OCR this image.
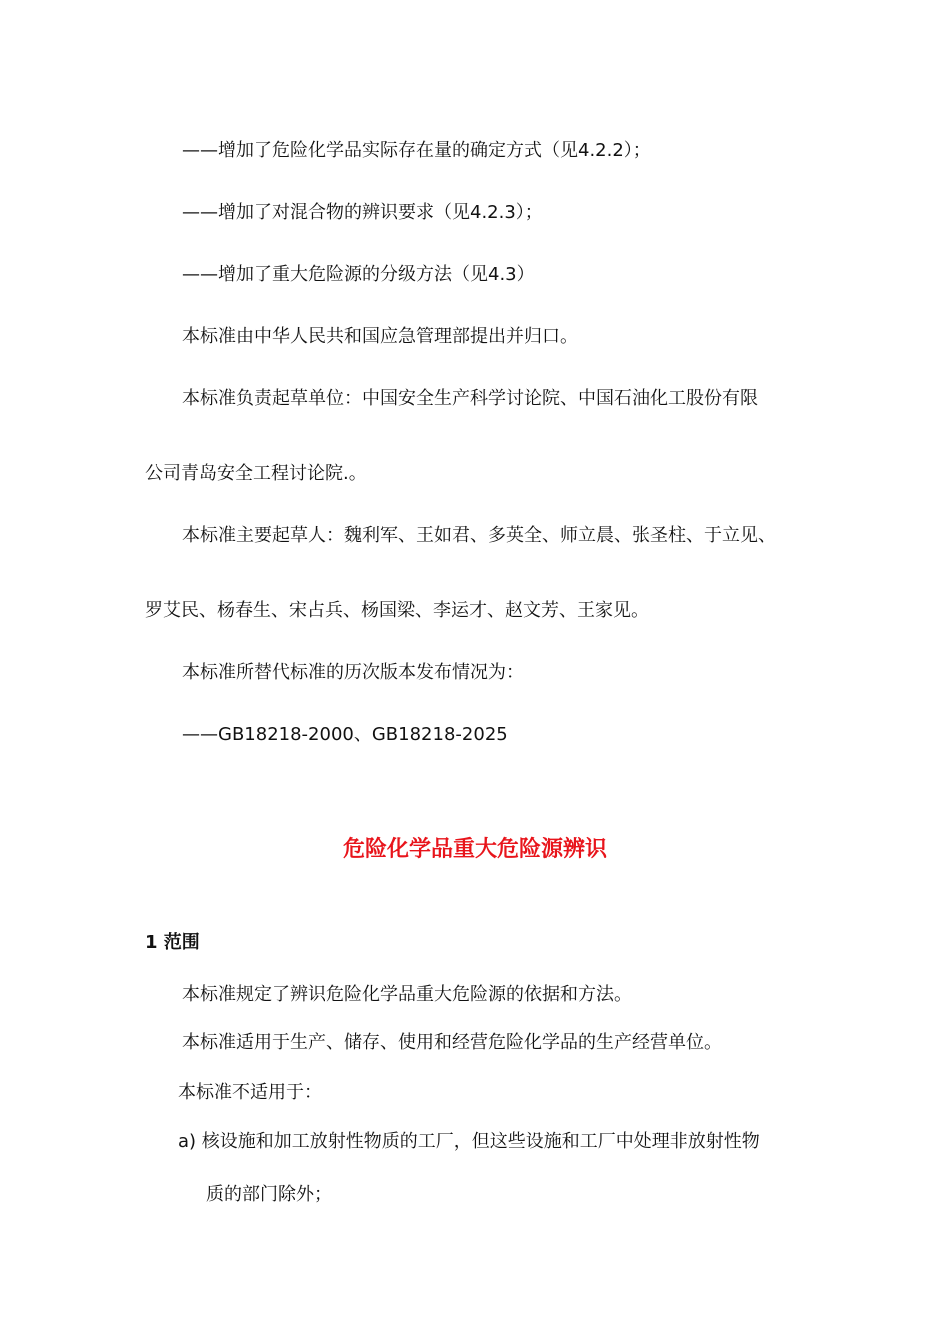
——增加了危险化学品实际存在量的确定方式（见4.2.2）；
——增加了对混合物的辨识要求（见4.2.3）；
——增加了重大危险源的分级方法（见4.3）
本标准由中华人民共和国应急管理部提出并归口。
本标准负责起草单位：中国安全生产科学讨论院、中国石油化工股份有限
公司青岛安全工程讨论院.。
本标准主要起草人：魏利军、王如君、多英全、师立晨、张圣柱、于立见、
罗艾民、杨春生、宋占兵、杨国梁、李运才、赵文芳、王家见。
本标准所替代标准的历次版本发布情况为：
——GB18218-2000、GB18218-2025
危险化学品重大危险源辨识
1 范围
本标准规定了辨识危险化学品重大危险源的依据和方法。
本标准适用于生产、储存、使用和经营危险化学品的生产经营单位。
本标准不适用于：
a) 核设施和加工放射性物质的工厂，但这些设施和工厂中处理非放射性物
质的部门除外；
